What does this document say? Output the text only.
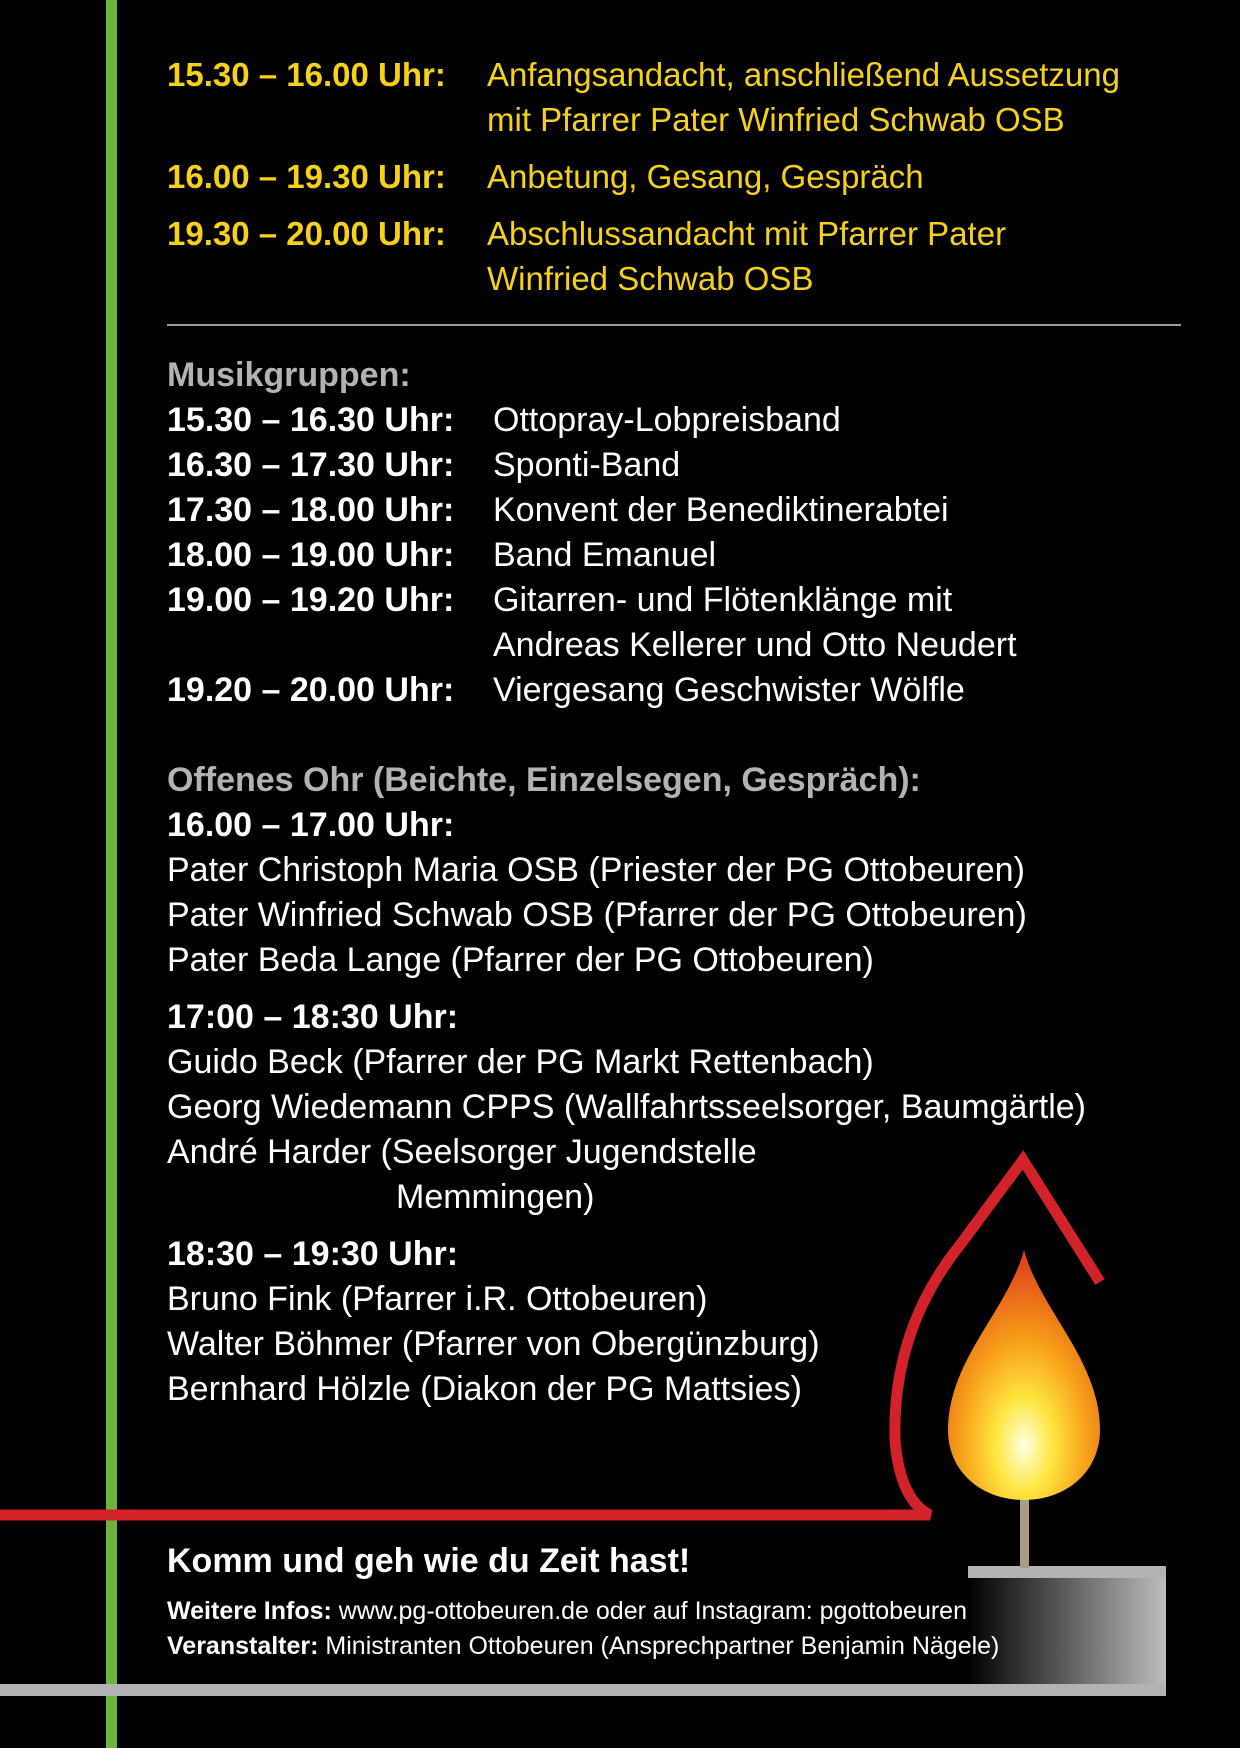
15.30 – 16.00 Uhr:	Anfangsandacht, anschließend Aussetzung
mit Pfarrer Pater Winfried Schwab OSB
16.00 – 19.30 Uhr:	Anbetung, Gesang, Gespräch
19.30 – 20.00 Uhr:	Abschlussandacht mit Pfarrer Pater
Winfried Schwab OSB
Musikgruppen:
15.30 – 16.30 Uhr:	Ottopray-Lobpreisband
16.30 – 17.30 Uhr:	Sponti-Band
17.30 – 18.00 Uhr:	Konvent der Benediktinerabtei
18.00 – 19.00 Uhr:	Band Emanuel
19.00 – 19.20 Uhr:	Gitarren- und Flötenklänge mit
Andreas Kellerer und Otto Neudert
19.20 – 20.00 Uhr:	Viergesang Geschwister Wölfle
Offenes Ohr (Beichte, Einzelsegen, Gespräch):
16.00 – 17.00 Uhr:
Pater Christoph Maria OSB (Priester der PG Ottobeuren)
Pater Winfried Schwab OSB (Pfarrer der PG Ottobeuren)
Pater Beda Lange (Pfarrer der PG Ottobeuren)
17:00 – 18:30 Uhr:
Guido Beck (Pfarrer der PG Markt Rettenbach)
Georg Wiedemann CPPS (Wallfahrtsseelsorger, Baumgärtle)
André Harder (Seelsorger Jugendstelle
Memmingen)
18:30 – 19:30 Uhr:
Bruno Fink (Pfarrer i.R. Ottobeuren)
Walter Böhmer (Pfarrer von Obergünzburg)
Bernhard Hölzle (Diakon der PG Mattsies)
Komm und geh wie du Zeit hast!
Weitere Infos: www.pg-ottobeuren.de oder auf Instagram: pgottobeuren
Veranstalter: Ministranten Ottobeuren (Ansprechpartner Benjamin Nägele)
